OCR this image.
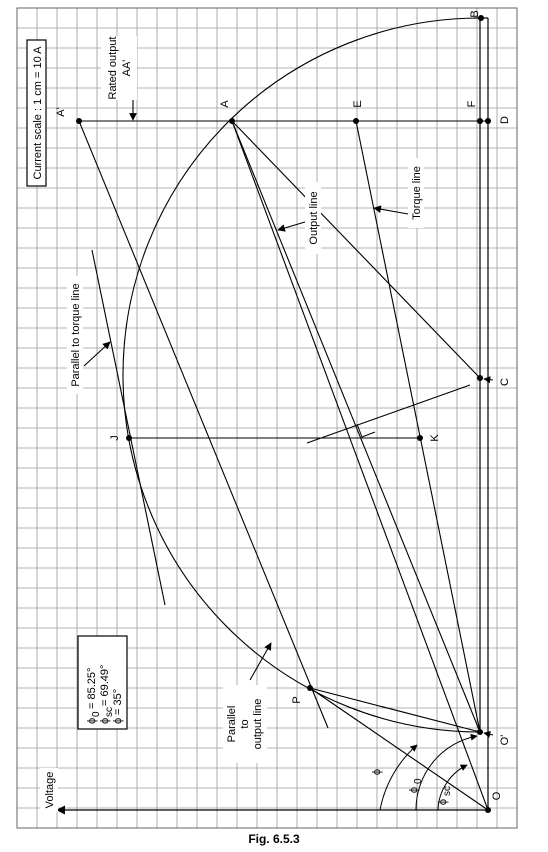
A'
A	E	F
D
B
C
J	K
P
O'
O
Current scale : 1 cm = 10 A	Rated output AA'
Output line	Torque line
Parallel to torque line
Parallel to output line
Voltage	ϕ
ϕ
0
ϕ
sc
ϕ
0
= 85.25°
ϕ
sc
= 69.49°
ϕ
= 35°
Fig. 6.5.3
